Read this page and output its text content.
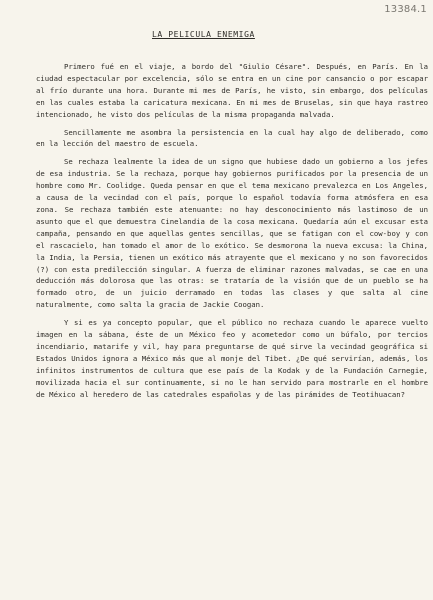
13384.1
LA PELICULA ENEMIGA

Primero fué en el viaje, a bordo del "Giulio Césare". Después, en París. En la ciudad espectacular por excelencia, sólo se entra en un cine por cansancio o por escapar al frío durante una hora. Durante mi mes de París, he visto, sin embargo, dos películas en las cuales estaba la caricatura mexicana. En mi mes de Bruselas, sin que haya rastreo intencionado, he visto dos películas de la misma propaganda malvada.

Sencillamente me asombra la persistencia en la cual hay algo de deliberado, como en la lección del maestro de escuela.

Se rechaza lealmente la idea de un signo que hubiese dado un gobierno a los jefes de esa industria. Se la rechaza, porque hay gobiernos purificados por la presencia de un hombre como Mr. Coolidge. Queda pensar en que el tema mexicano prevalezca en Los Angeles, a causa de la vecindad con el país, porque lo español todavía forma atmósfera en esa zona. Se rechaza también este atenuante: no hay desconocimiento más lastimoso de un asunto que el que demuestra Cinelandia de la cosa mexicana. Quedaría aún el excusar esta campaña, pensando en que aquellas gentes sencillas, que se fatigan con el cow-boy y con el rascacielo, han tomado el amor de lo exótico. Se desmorona la nueva excusa: la China, la India, la Persia, tienen un exótico más atrayente que el mexicano y no son favorecidos (?) con esta predilección singular. A fuerza de eliminar razones malvadas, se cae en una deducción más dolorosa que las otras: se trataría de la visión que de un pueblo se ha formado otro, de un juicio derramado en todas las clases y que salta al cine naturalmente, como salta la gracia de Jackie Coogan.

Y si es ya concepto popular, que el público no rechaza cuando le aparece vuelto imagen en la sábana, éste de un México feo y acometedor como un búfalo, por tercios incendiario, matarife y vil, hay para preguntarse de qué sirve la vecindad geográfica si Estados Unidos ignora a México más que al monje del Tibet. ¿De qué servirían, además, los infinitos instrumentos de cultura que ese país de la Kodak y de la Fundación Carnegie, movilizada hacia el sur continuamente, si no le han servido para mostrarle en el hombre de México al heredero de las catedrales españolas y de las pirámides de Teotihuacan?
